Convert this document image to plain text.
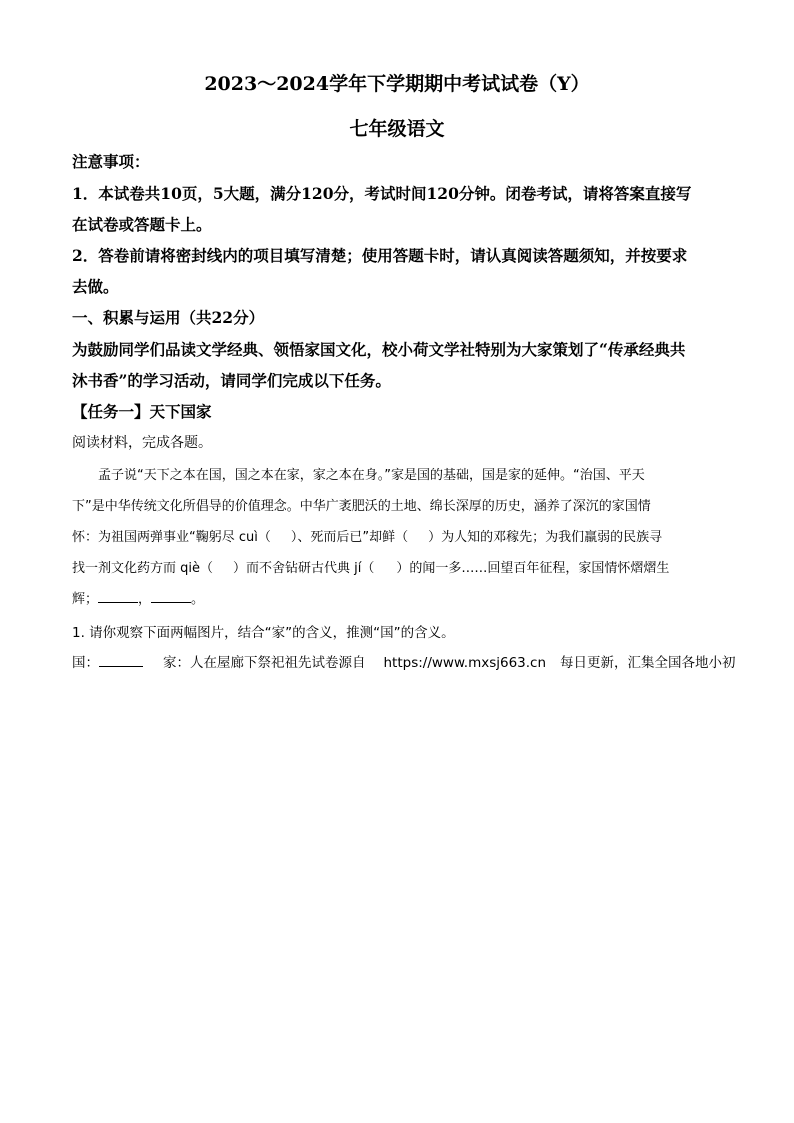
2023～2024学年下学期期中考试试卷（Y）
七年级语文
注意事项：
1．本试卷共10页，5大题，满分120分，考试时间120分钟。闭卷考试，请将答案直接写
在试卷或答题卡上。
2．答卷前请将密封线内的项目填写清楚；使用答题卡时，请认真阅读答题须知，并按要求
去做。
一、积累与运用（共22分）
为鼓励同学们品读文学经典、领悟家国文化，校小荷文学社特别为大家策划了“传承经典共
沐书香”的学习活动，请同学们完成以下任务。
【任务一】天下国家
阅读材料，完成各题。
孟子说“天下之本在国，国之本在家，家之本在身。”家是国的基础，国是家的延伸。“治国、平天
下”是中华传统文化所倡导的价值理念。中华广袤肥沃的土地、绵长深厚的历史，涵养了深沉的家国情
怀：为祖国两弹事业“鞠躬尽 cuì（ ）、死而后已”却鲜（ ）为人知的邓稼先；为我们羸弱的民族寻
找一剂文化药方而 qiè（ ）而不舍钻研古代典 jí（ ）的闻一多……回望百年征程，家国情怀熠熠生
辉；	，	。
1. 请你观察下面两幅图片，结合“家”的含义，推测“国”的含义。
国：	家：人在屋廊下祭祀祖先试卷源自 https://www.mxsj663.cn 每日更新，汇集全国各地小初
